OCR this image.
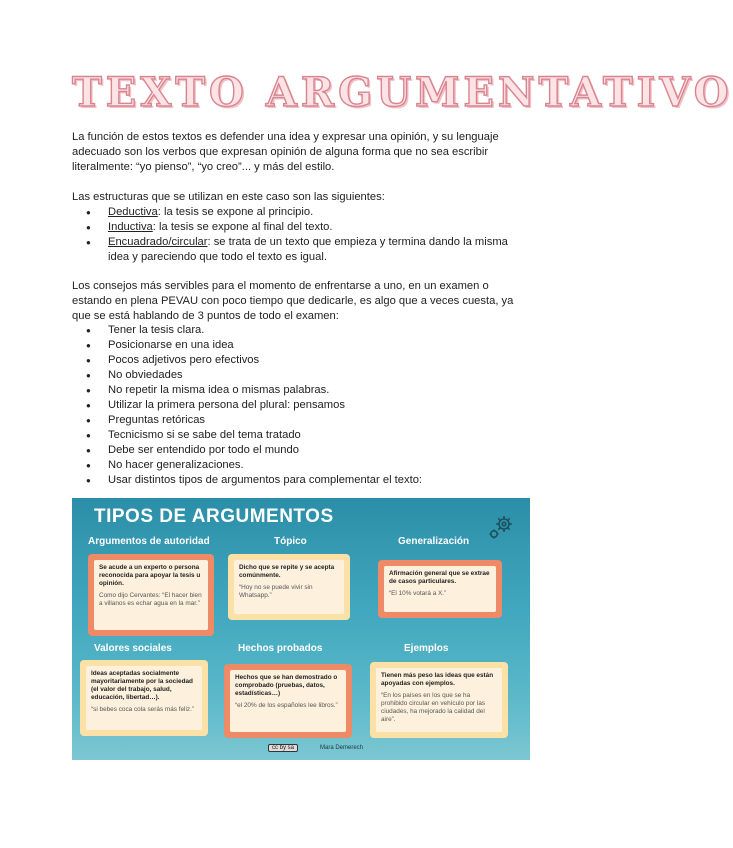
TEXTO ARGUMENTATIVO

La función de estos textos es defender una idea y expresar una opinión, y su lenguaje adecuado son los verbos que expresan opinión de alguna forma que no sea escribir literalmente: “yo pienso”, “yo creo”... y más del estilo.

Las estructuras que se utilizan en este caso son las siguientes:

● Deductiva: la tesis se expone al principio.
● Inductiva: la tesis se expone al final del texto.
● Encuadrado/circular: se trata de un texto que empieza y termina dando la misma idea y pareciendo que todo el texto es igual.

Los consejos más servibles para el momento de enfrentarse a uno, en un examen o estando en plena PEVAU con poco tiempo que dedicarle, es algo que a veces cuesta, ya que se está hablando de 3 puntos de todo el examen:

● Tener la tesis clara.
● Posicionarse en una idea
● Pocos adjetivos pero efectivos
● No obviedades
● No repetir la misma idea o mismas palabras.
● Utilizar la primera persona del plural: pensamos
● Preguntas retóricas
● Tecnicismo si se sabe del tema tratado
● Debe ser entendido por todo el mundo
● No hacer generalizaciones.
● Usar distintos tipos de argumentos para complementar el texto:
TIPOS DE ARGUMENTOS
Argumentos de autoridad	Tópico	Generalización
Se acude a un experto o persona reconocida para apoyar la tesis u opinión.
Como dijo Cervantes: “El hacer bien a villanos es echar agua en la mar.”
Dicho que se repite y se acepta comúnmente.
“Hoy no se puede vivir sin Whatsapp.”
Afirmación general que se extrae de casos particulares.
“El 10% votará a X.”
Valores sociales	Hechos probados	Ejemplos
Ideas aceptadas socialmente mayoritariamente por la sociedad (el valor del trabajo, salud, educación, libertad…).
“si bebes coca cola serás más feliz.”
Hechos que se han demostrado o comprobado (pruebas, datos, estadísticas…)
“el 20% de los españoles lee libros.”
Tienen más peso las ideas que están apoyadas con ejemplos.
“En los países en los que se ha prohibido circular en vehículo por las ciudades, ha mejorado la calidad del aire”.
cc by sa	Mara Demerech
